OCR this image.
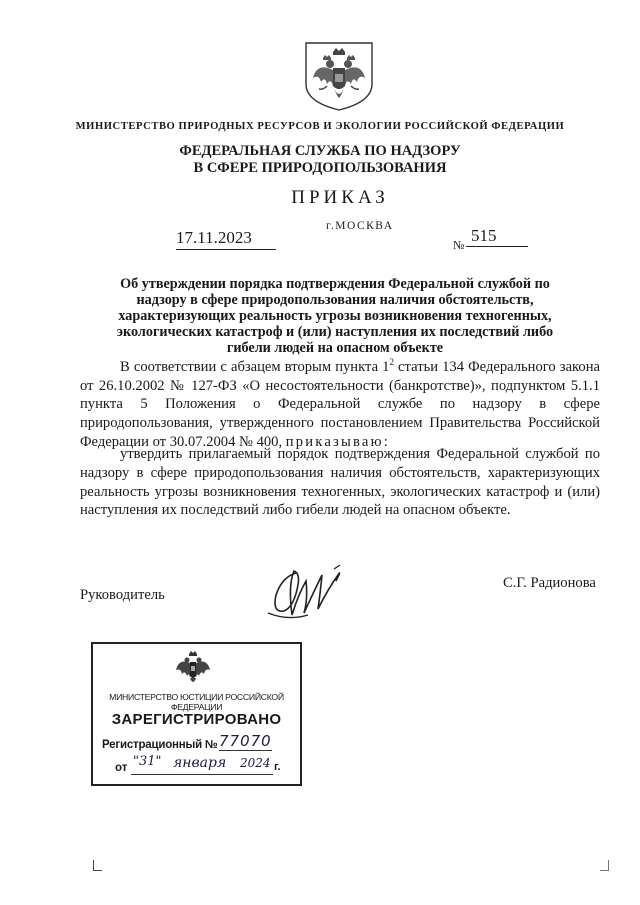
МИНИСТЕРСТВО ПРИРОДНЫХ РЕСУРСОВ И ЭКОЛОГИИ РОССИЙСКОЙ ФЕДЕРАЦИИ
ФЕДЕРАЛЬНАЯ СЛУЖБА ПО НАДЗОРУ
В СФЕРЕ ПРИРОДОПОЛЬЗОВАНИЯ
ПРИКАЗ
г.МОСКВА
17.11.2023	№ 515
Об утверждении порядка подтверждения Федеральной службой по надзору в сфере природопользования наличия обстоятельств, характеризующих реальность угрозы возникновения техногенных, экологических катастроф и (или) наступления их последствий либо гибели людей на опасном объекте
В соответствии с абзацем вторым пункта $1^2$ статьи 134 Федерального закона от 26.10.2002 № 127-ФЗ «О несостоятельности (банкротстве)», подпунктом 5.1.1 пункта 5 Положения о Федеральной службе по надзору в сфере природопользования, утвержденного постановлением Правительства Российской Федерации от 30.07.2004 № 400, приказываю:
утвердить прилагаемый порядок подтверждения Федеральной службой по надзору в сфере природопользования наличия обстоятельств, характеризующих реальность угрозы возникновения техногенных, экологических катастроф и (или) наступления их последствий либо гибели людей на опасном объекте.
Руководитель
С.Г. Радионова
МИНИСТЕРСТВО ЮСТИЦИИ РОССИЙСКОЙ ФЕДЕРАЦИИ
ЗАРЕГИСТРИРОВАНО
Регистрационный № 77070
от "31" января 2024 г.
